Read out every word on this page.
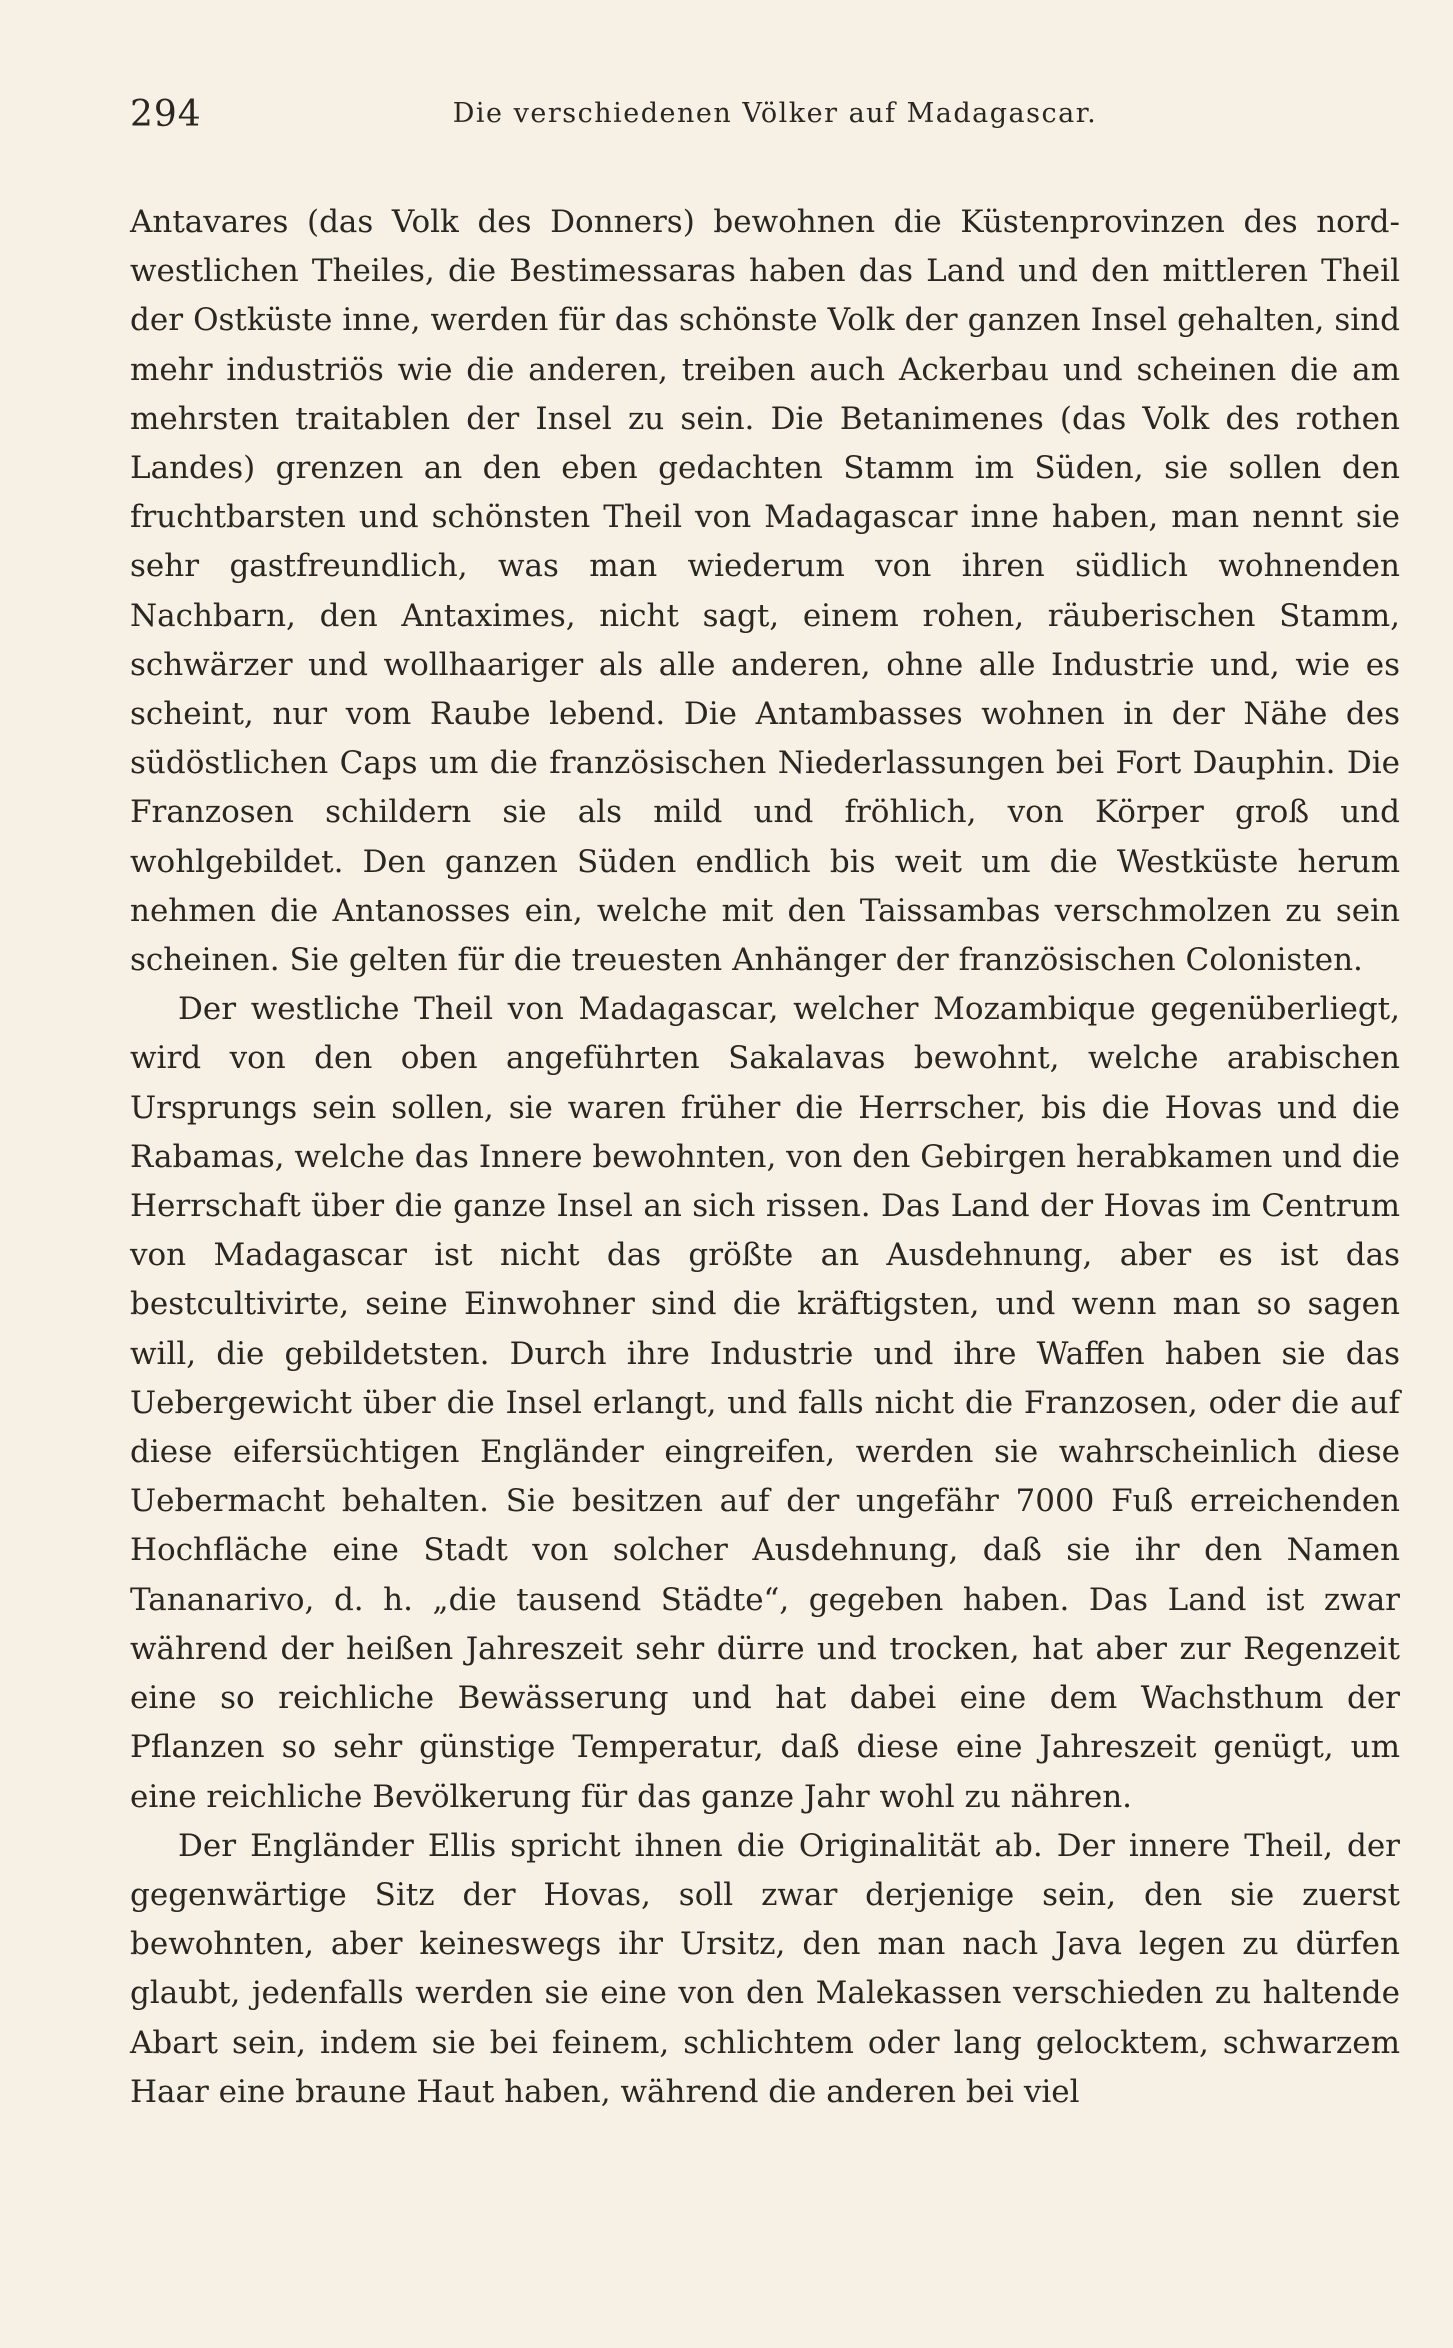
294	Die verschiedenen Völker auf Madagascar.

Antavares (das Volk des Donners) bewohnen die Küstenprovinzen des nordwestlichen Theiles, die Bestimessaras haben das Land und den mittleren Theil der Ostküste inne, werden für das schönste Volk der ganzen Insel gehalten, sind mehr industriös wie die anderen, treiben auch Ackerbau und scheinen die am mehrsten traitablen der Insel zu sein. Die Betanimenes (das Volk des rothen Landes) grenzen an den eben gedachten Stamm im Süden, sie sollen den fruchtbarsten und schönsten Theil von Madagascar inne haben, man nennt sie sehr gastfreundlich, was man wiederum von ihren südlich wohnenden Nachbarn, den Antaximes, nicht sagt, einem rohen, räuberischen Stamm, schwärzer und wollhaariger als alle anderen, ohne alle Industrie und, wie es scheint, nur vom Raube lebend. Die Antambasses wohnen in der Nähe des südöstlichen Caps um die französischen Niederlassungen bei Fort Dauphin. Die Franzosen schildern sie als mild und fröhlich, von Körper groß und wohlgebildet. Den ganzen Süden endlich bis weit um die Westküste herum nehmen die Antanosses ein, welche mit den Taissambas verschmolzen zu sein scheinen. Sie gelten für die treuesten Anhänger der französischen Colonisten.

Der westliche Theil von Madagascar, welcher Mozambique gegenüberliegt, wird von den oben angeführten Sakalavas bewohnt, welche arabischen Ursprungs sein sollen, sie waren früher die Herrscher, bis die Hovas und die Rabamas, welche das Innere bewohnten, von den Gebirgen herabkamen und die Herrschaft über die ganze Insel an sich rissen. Das Land der Hovas im Centrum von Madagascar ist nicht das größte an Ausdehnung, aber es ist das bestcultivirte, seine Einwohner sind die kräftigsten, und wenn man so sagen will, die gebildetsten. Durch ihre Industrie und ihre Waffen haben sie das Uebergewicht über die Insel erlangt, und falls nicht die Franzosen, oder die auf diese eifersüchtigen Engländer eingreifen, werden sie wahrscheinlich diese Uebermacht behalten. Sie besitzen auf der ungefähr 7000 Fuß erreichenden Hochfläche eine Stadt von solcher Ausdehnung, daß sie ihr den Namen Tananarivo, d. h. „die tausend Städte“, gegeben haben. Das Land ist zwar während der heißen Jahreszeit sehr dürre und trocken, hat aber zur Regenzeit eine so reichliche Bewässerung und hat dabei eine dem Wachsthum der Pflanzen so sehr günstige Temperatur, daß diese eine Jahreszeit genügt, um eine reichliche Bevölkerung für das ganze Jahr wohl zu nähren.

Der Engländer Ellis spricht ihnen die Originalität ab. Der innere Theil, der gegenwärtige Sitz der Hovas, soll zwar derjenige sein, den sie zuerst bewohnten, aber keineswegs ihr Ursitz, den man nach Java legen zu dürfen glaubt, jedenfalls werden sie eine von den Malekassen verschieden zu haltende Abart sein, indem sie bei feinem, schlichtem oder lang gelocktem, schwarzem Haar eine braune Haut haben, während die anderen bei viel
